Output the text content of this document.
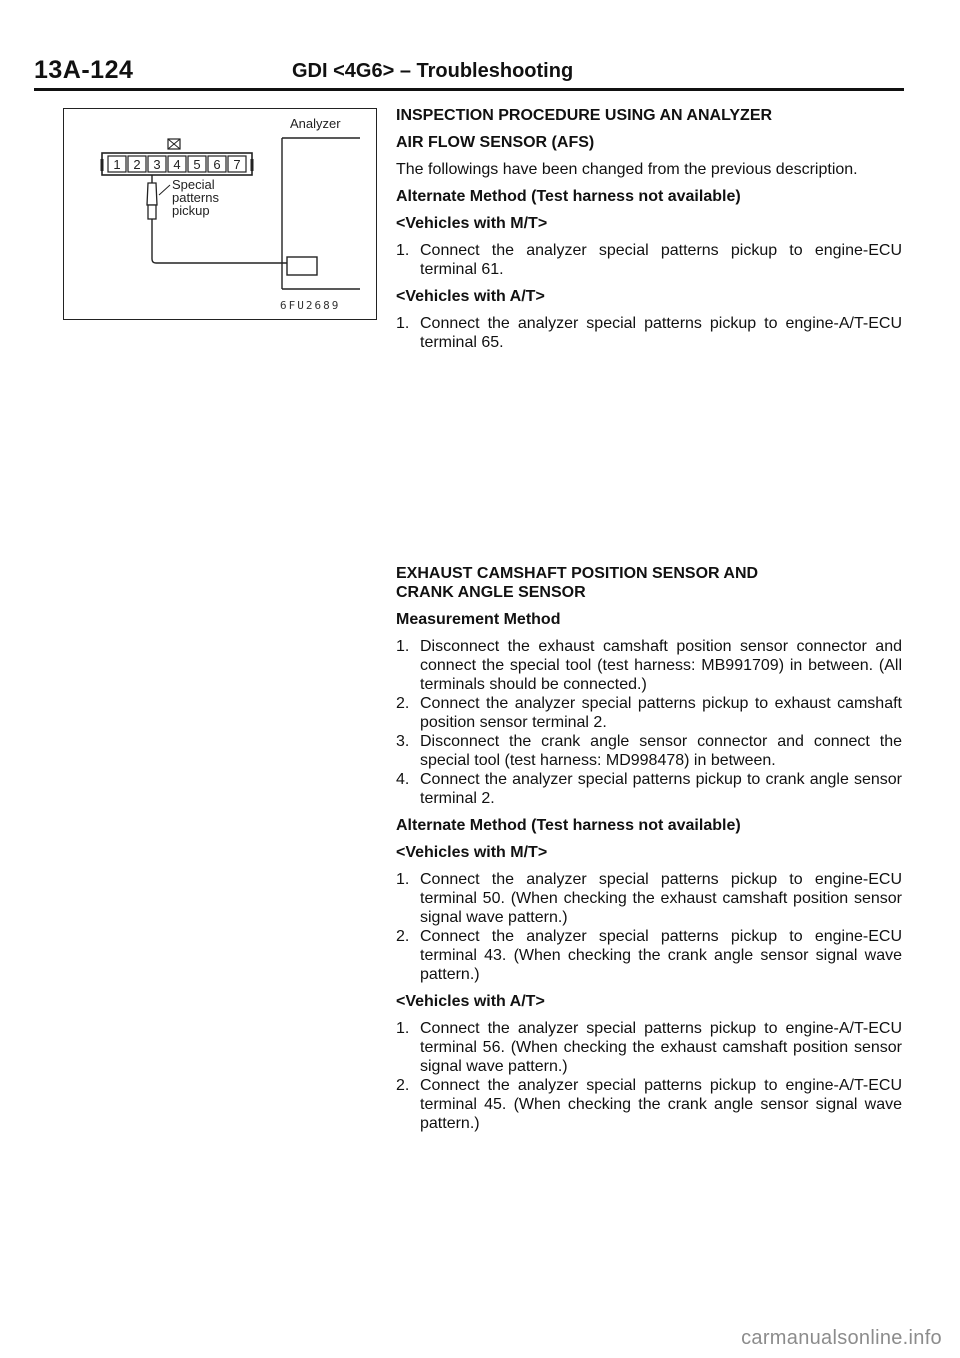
13A-124	GDI <4G6> – Troubleshooting
1 2 3 4 5 6 7
Analyzer
Special
patterns
pickup
6FU2689

INSPECTION PROCEDURE USING AN ANALYZER

AIR FLOW SENSOR (AFS)

The followings have been changed from the previous description.

Alternate Method (Test harness not available)

<Vehicles with M/T>

1. Connect the analyzer special patterns pickup to engine-ECU terminal 61.

<Vehicles with A/T>

1. Connect the analyzer special patterns pickup to engine-A/T-ECU terminal 65.

EXHAUST CAMSHAFT POSITION SENSOR AND

CRANK ANGLE SENSOR

Measurement Method

1. Disconnect the exhaust camshaft position sensor connector and connect the special tool (test harness: MB991709) in between. (All terminals should be connected.)
2. Connect the analyzer special patterns pickup to exhaust camshaft position sensor terminal 2.
3. Disconnect the crank angle sensor connector and connect the special tool (test harness: MD998478) in between.
4. Connect the analyzer special patterns pickup to crank angle sensor terminal 2.

Alternate Method (Test harness not available)

<Vehicles with M/T>

1. Connect the analyzer special patterns pickup to engine-ECU terminal 50. (When checking the exhaust camshaft position sensor signal wave pattern.)
2. Connect the analyzer special patterns pickup to engine-ECU terminal 43. (When checking the crank angle sensor signal wave pattern.)

<Vehicles with A/T>

1. Connect the analyzer special patterns pickup to engine-A/T-ECU terminal 56. (When checking the exhaust camshaft position sensor signal wave pattern.)
2. Connect the analyzer special patterns pickup to engine-A/T-ECU terminal 45. (When checking the crank angle sensor signal wave pattern.)
carmanualsonline.info
